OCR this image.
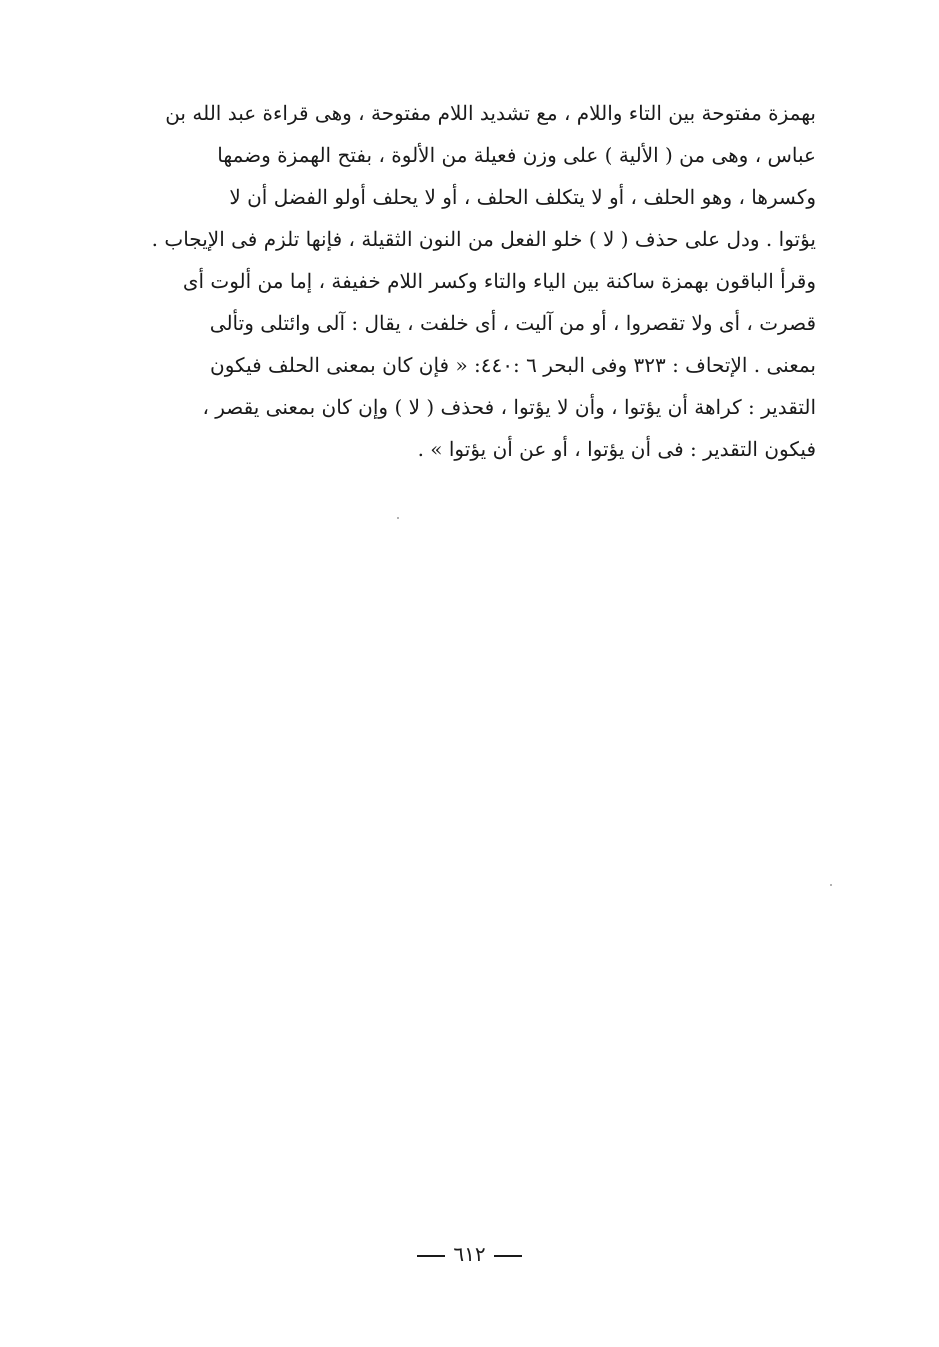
بهمزة مفتوحة بين التاء واللام ، مع تشديد اللام مفتوحة ، وهى قراءة عبد الله بن
عباس ، وهى من ( الألية ) على وزن فعيلة من الألوة ، بفتح الهمزة وضمها
وكسرها ، وهو الحلف ، أو لا يتكلف الحلف ، أو لا يحلف أولو الفضل أن لا
يؤتوا . ودل على حذف ( لا ) خلو الفعل من النون الثقيلة ، فإنها تلزم فى الإيجاب .
وقرأ الباقون بهمزة ساكنة بين الياء والتاء وكسر اللام خفيفة ، إما من ألوت أى
قصرت ، أى ولا تقصروا ، أو من آليت ، أى خلفت ، يقال : آلى وائتلى وتألى
بمعنى . الإتحاف : ٣٢٣ وفى البحر ٦ :٤٤٠: « فإن كان بمعنى الحلف فيكون
التقدير : كراهة أن يؤتوا ، وأن لا يؤتوا ، فحذف ( لا ) وإن كان بمعنى يقصر ،
فيكون التقدير : فى أن يؤتوا ، أو عن أن يؤتوا » .
٦١٢
